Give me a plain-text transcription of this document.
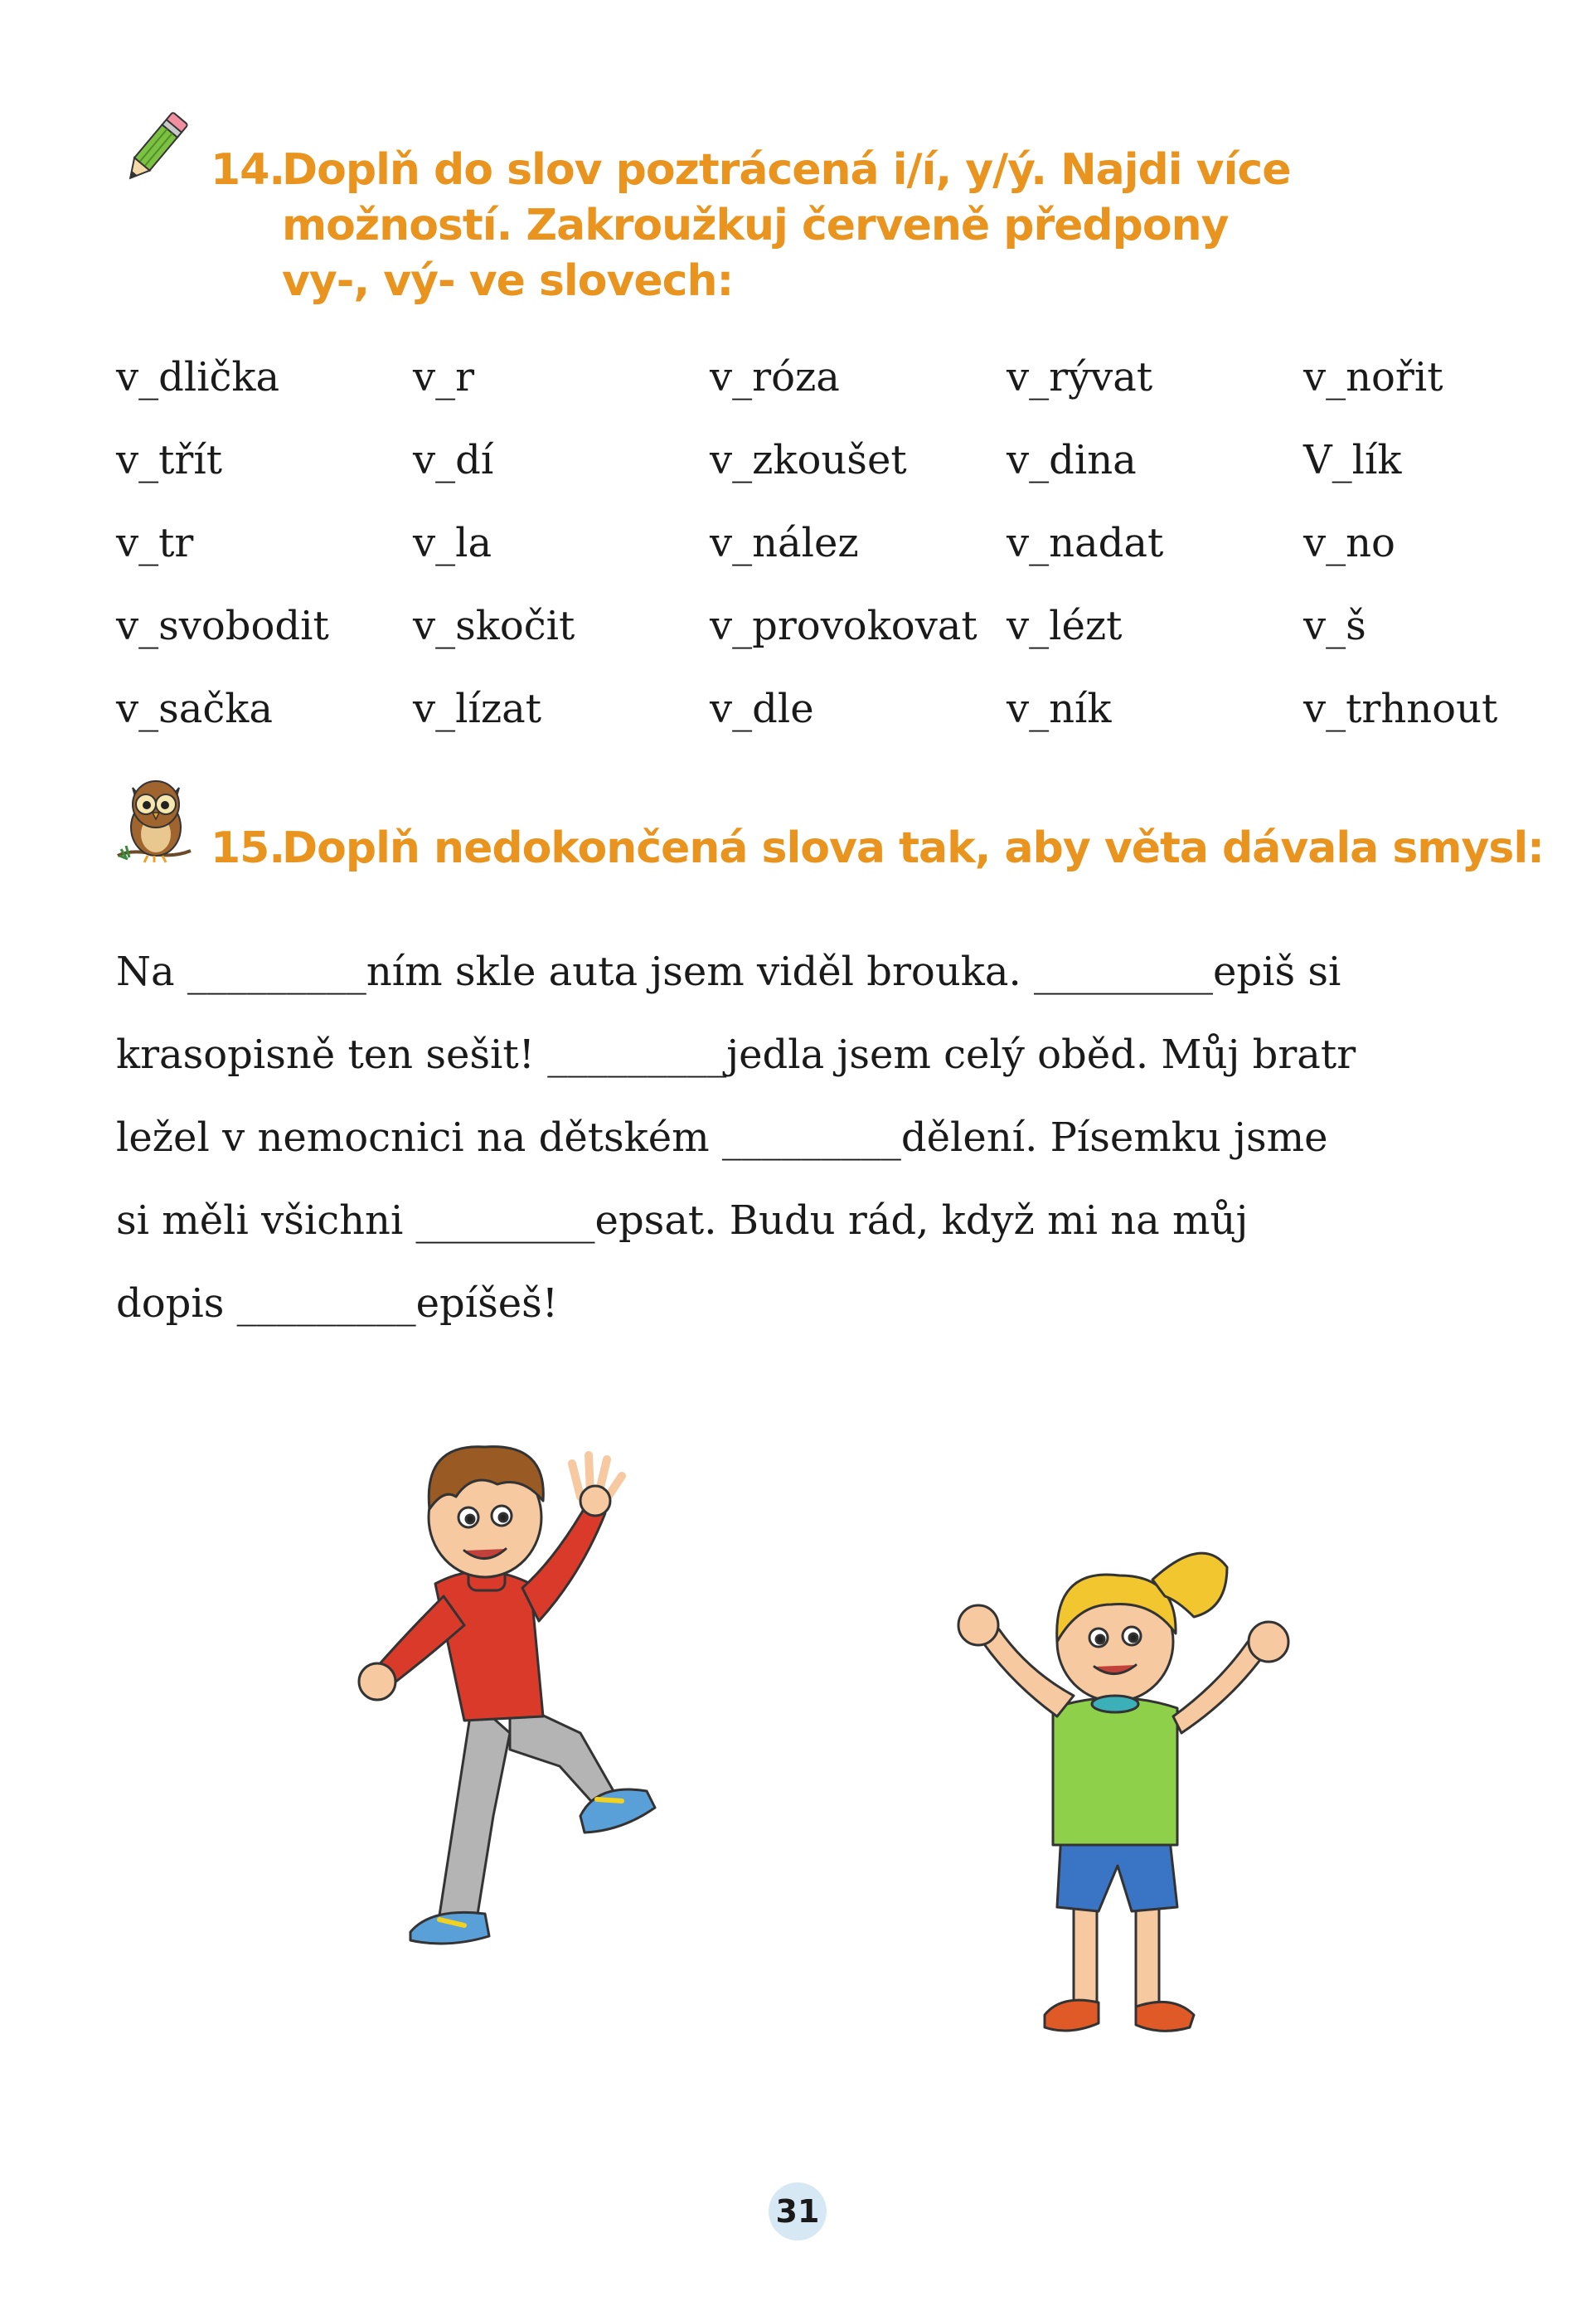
14.Doplň do slov poztrácená i/í, y/ý. Najdi více
možností. Zakroužkuj červeně předpony
vy-, vý- ve slovech:
v_dlička	v_r	v_róza	v_rývat	v_nořit
v_třít	v_dí	v_zkoušet	v_dina	V_lík
v_tr	v_la	v_nález	v_nadat	v_no
v_svobodit	v_skočit	v_provokovat v_lézt	v_š
v_sačka	v_lízat	v_dle	v_ník	v_trhnout
15.Doplň nedokončená slova tak, aby věta dávala smysl:
Na _________ním skle auta jsem viděl brouka. _________epiš si
krasopisně ten sešit! _________jedla jsem celý oběd. Můj bratr
ležel v nemocnici na dětském _________dělení. Písemku jsme
si měli všichni _________epsat. Budu rád, když mi na můj
dopis _________epíšeš!
31
